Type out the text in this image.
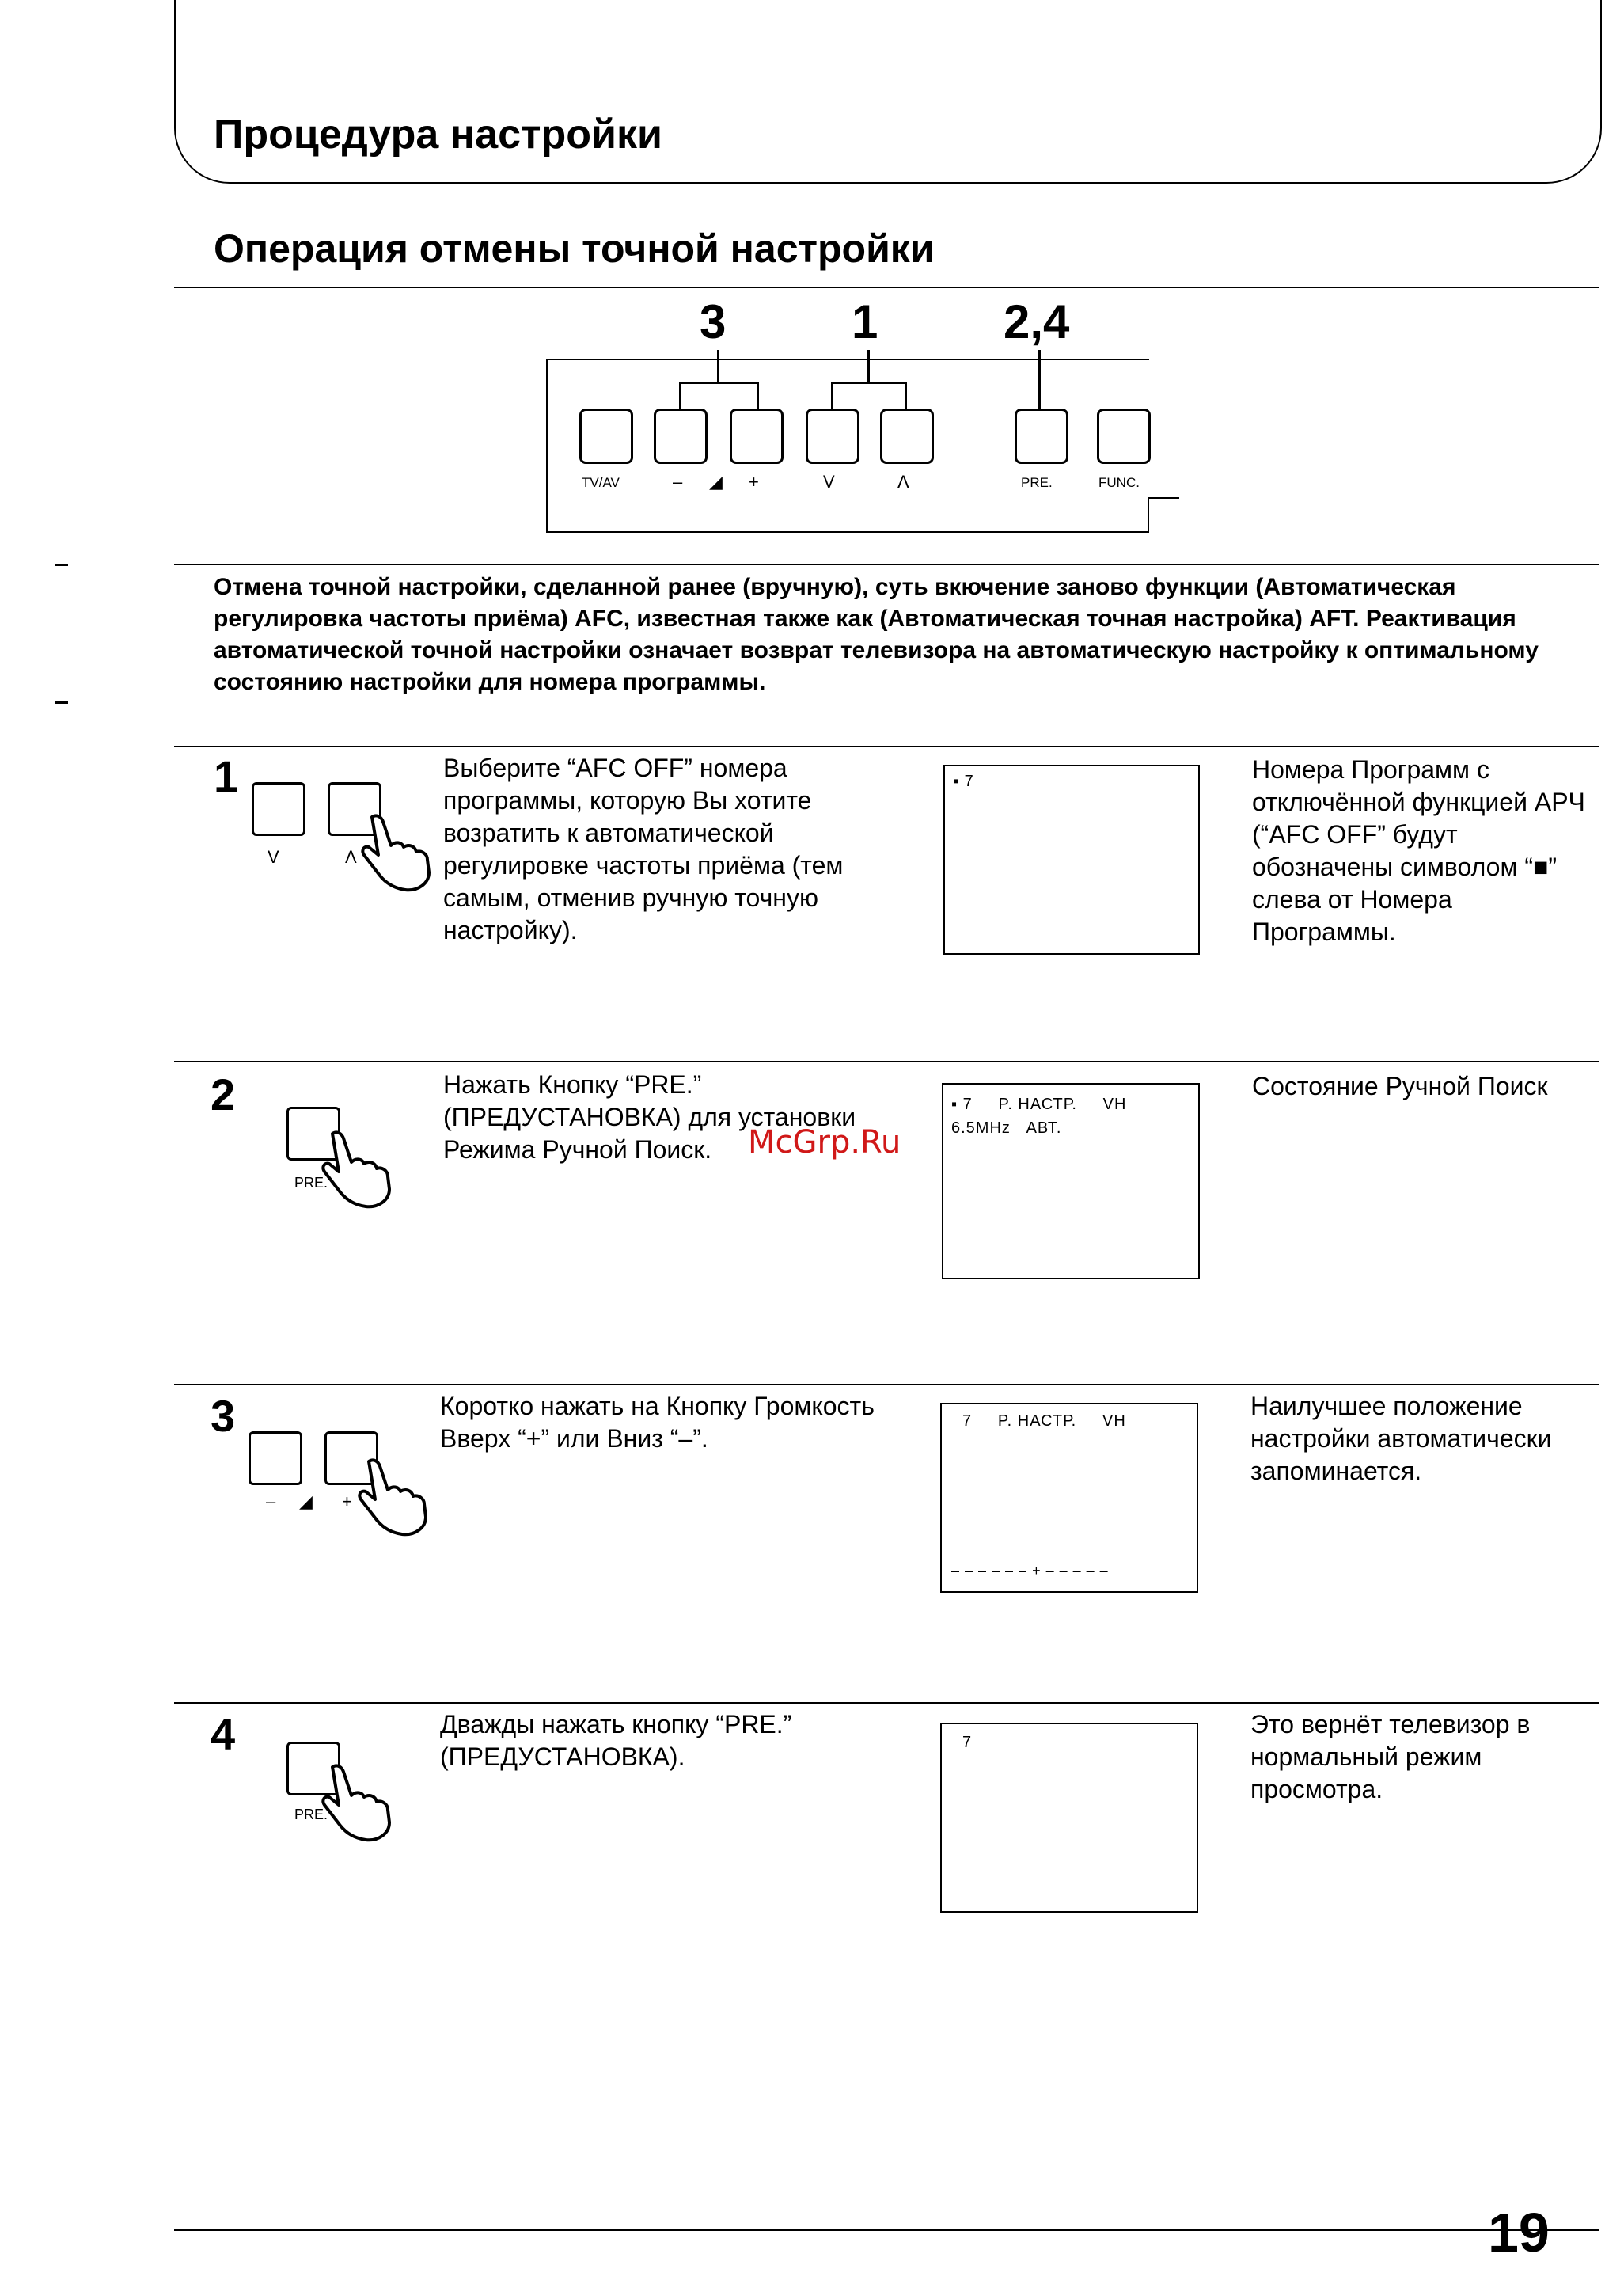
Процедура настройки
Операция отмены точной настройки
3	1	2,4
TV/AV	– ◢ +	V	Λ	PRE.	FUNC.
Отмена точной настройки, сделанной ранее (вручную), суть вкючение заново функции (Автоматическая регулировка частоты приёма) AFC, известная также как (Автоматическая точная настройка) AFT. Реактивация автоматической точной настройки означает возврат телевизора на автоматическую настройку к оптимальному состоянию настройки для номера программы.
1
V	Λ
Выберите “AFC OFF” номера программы, которую Вы хотите возратить к автоматической регулировке частоты приёма (тем самым, отменив ручную точную настройку).
▪ 7	Номера Программ с отключённой функцией АРЧ (“AFC OFF” будут обозначены символом “■” слева от Номера Программы.
2
PRE.
Нажать Кнопку “PRE.” (ПРЕДУСТАНОВКА) для установки Режима Ручной Поиск.
▪ 7     P. НАСТР.     VH
6.5MHz   АВТ.
Состояние Ручной Поиск
McGrp.Ru
3
– ◢ +
Коротко нажать на Кнопку Громкость Вверх “+” или Вниз “–”.
7     P. НАСТР.     VH
– – – – – – + – – – – –
Наилучшее положение настройки автоматически запоминается.
4
PRE.
Дважды нажать кнопку “PRE.” (ПРЕДУСТАНОВКА).	7
Это вернёт телевизор в нормальный режим просмотра.
19
